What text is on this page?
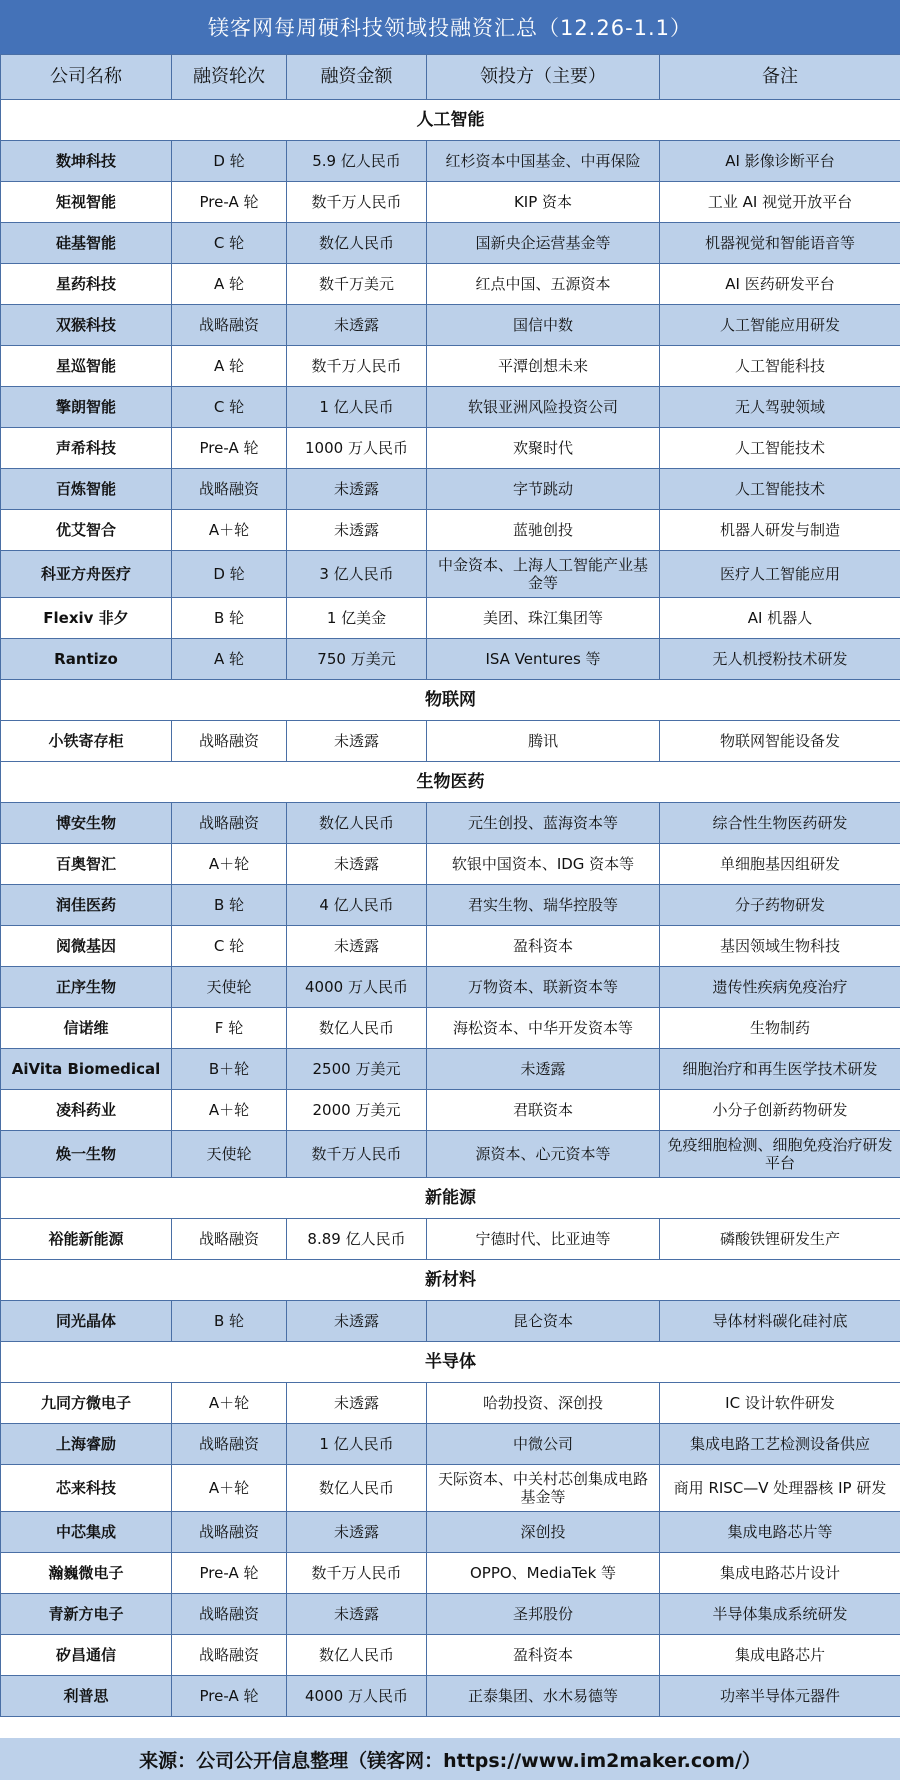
镁客网每周硬科技领域投融资汇总（12.26-1.1）
公司名称	融资轮次	融资金额	领投方（主要）	备注
人工智能				
数坤科技	D 轮	5.9 亿人民币	红杉资本中国基金、中再保险	AI 影像诊断平台
矩视智能	Pre-A 轮	数千万人民币	KIP 资本	工业 AI 视觉开放平台
硅基智能	C 轮	数亿人民币	国新央企运营基金等	机器视觉和智能语音等
星药科技	A 轮	数千万美元	红点中国、五源资本	AI 医药研发平台
双猴科技	战略融资	未透露	国信中数	人工智能应用研发
星巡智能	A 轮	数千万人民币	平潭创想未来	人工智能科技
擎朗智能	C 轮	1 亿人民币	软银亚洲风险投资公司	无人驾驶领域
声希科技	Pre-A 轮	1000 万人民币	欢聚时代	人工智能技术
百炼智能	战略融资	未透露	字节跳动	人工智能技术
优艾智合	A＋轮	未透露	蓝驰创投	机器人研发与制造
科亚方舟医疗	D 轮	3 亿人民币	中金资本、上海人工智能产业基金等	医疗人工智能应用
Flexiv 非夕	B 轮	1 亿美金	美团、珠江集团等	AI 机器人
Rantizo	A 轮	750 万美元	ISA Ventures 等	无人机授粉技术研发
物联网				
小铁寄存柜	战略融资	未透露	腾讯	物联网智能设备发
生物医药				
博安生物	战略融资	数亿人民币	元生创投、蓝海资本等	综合性生物医药研发
百奥智汇	A＋轮	未透露	软银中国资本、IDG 资本等	单细胞基因组研发
润佳医药	B 轮	4 亿人民币	君实生物、瑞华控股等	分子药物研发
阅微基因	C 轮	未透露	盈科资本	基因领域生物科技
正序生物	天使轮	4000 万人民币	万物资本、联新资本等	遗传性疾病免疫治疗
信诺维	F 轮	数亿人民币	海松资本、中华开发资本等	生物制药
AiVita Biomedical	B＋轮	2500 万美元	未透露	细胞治疗和再生医学技术研发
凌科药业	A＋轮	2000 万美元	君联资本	小分子创新药物研发
焕一生物	天使轮	数千万人民币	源资本、心元资本等	免疫细胞检测、细胞免疫治疗研发平台
新能源				
裕能新能源	战略融资	8.89 亿人民币	宁德时代、比亚迪等	磷酸铁锂研发生产
新材料				
同光晶体	B 轮	未透露	昆仑资本	导体材料碳化硅衬底
半导体				
九同方微电子	A＋轮	未透露	哈勃投资、深创投	IC 设计软件研发
上海睿励	战略融资	1 亿人民币	中微公司	集成电路工艺检测设备供应
芯来科技	A＋轮	数亿人民币	天际资本、中关村芯创集成电路基金等	商用 RISC—V 处理器核 IP 研发
中芯集成	战略融资	未透露	深创投	集成电路芯片等
瀚巍微电子	Pre-A 轮	数千万人民币	OPPO、MediaTek 等	集成电路芯片设计
青新方电子	战略融资	未透露	圣邦股份	半导体集成系统研发
矽昌通信	战略融资	数亿人民币	盈科资本	集成电路芯片
利普思	Pre-A 轮	4000 万人民币	正泰集团、水木易德等	功率半导体元器件
来源：公司公开信息整理（镁客网：https://www.im2maker.com/）
